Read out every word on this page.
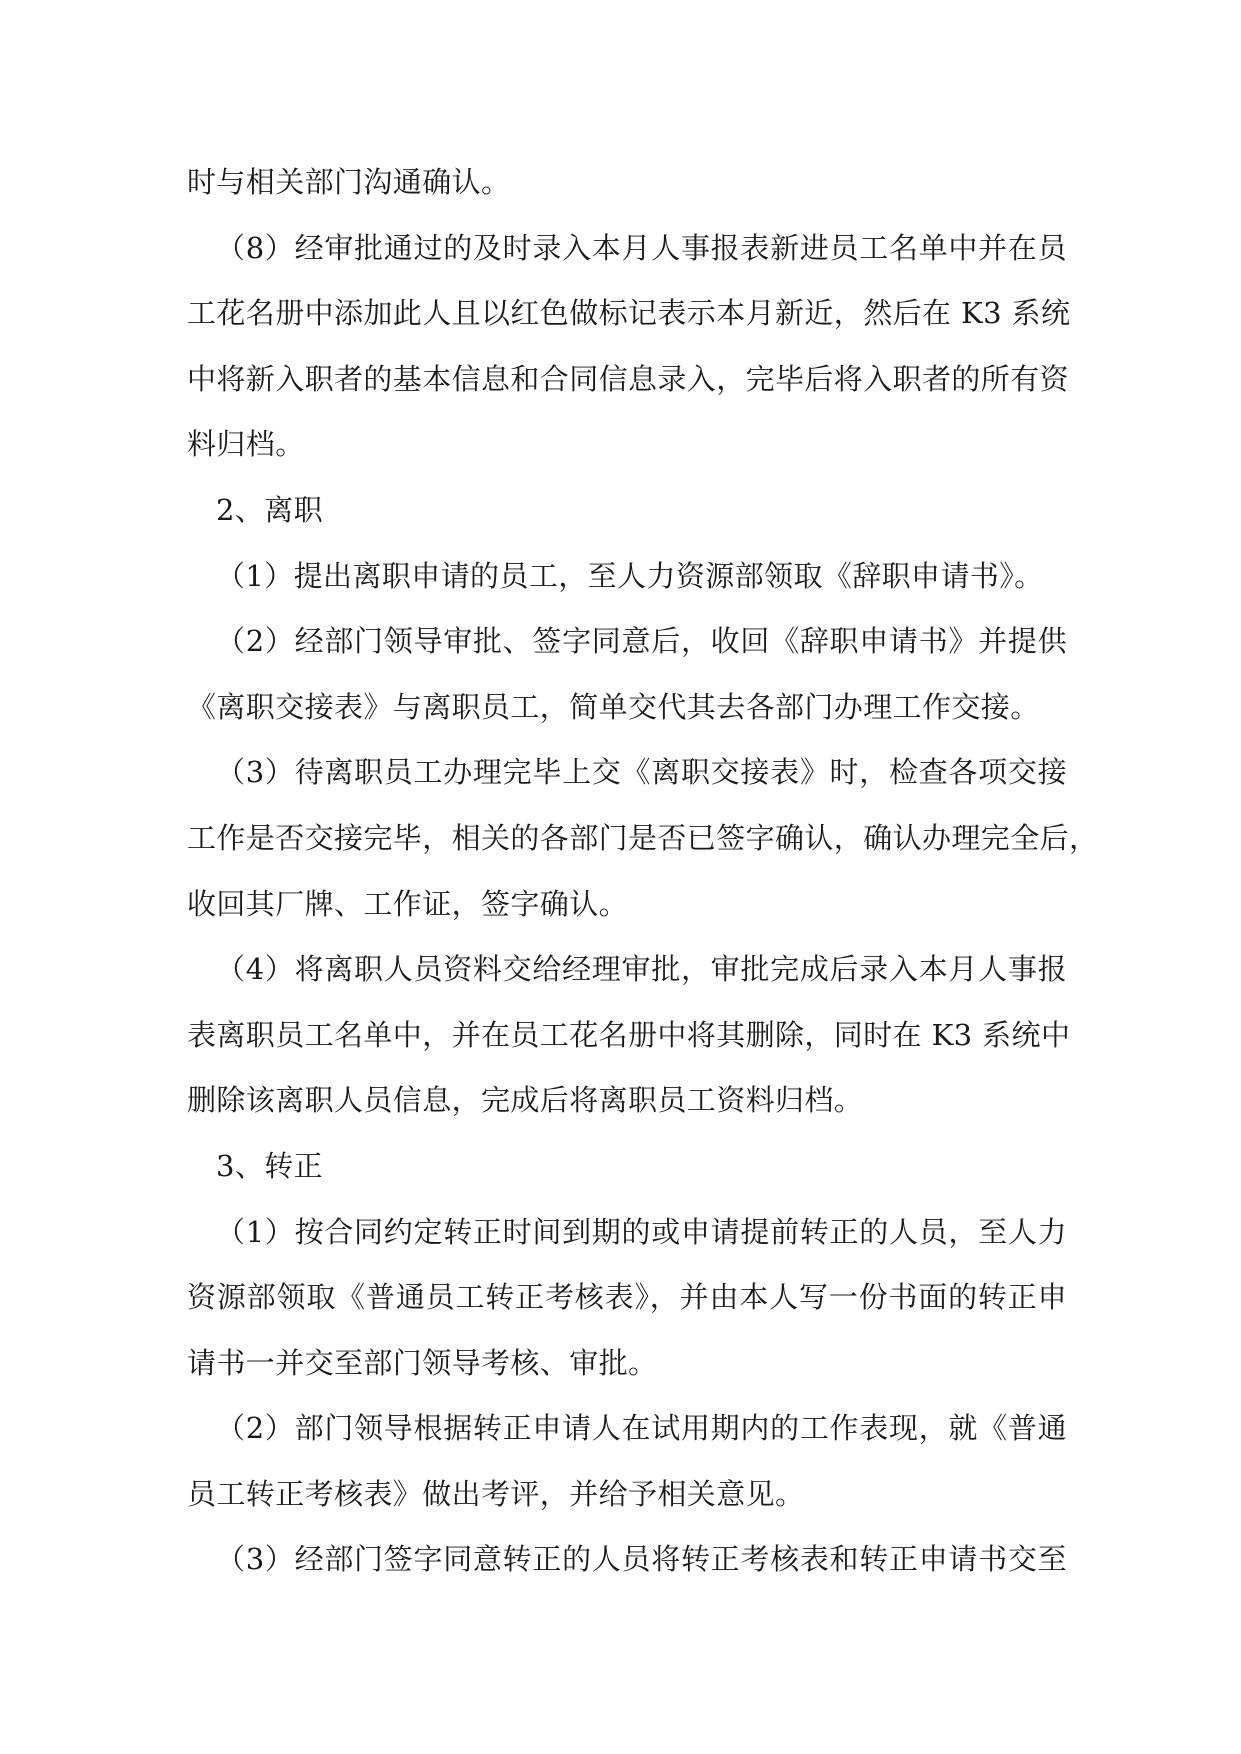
时与相关部门沟通确认。
（8）经审批通过的及时录入本月人事报表新进员工名单中并在员
工花名册中添加此人且以红色做标记表示本月新近，然后在 K3 系统
中将新入职者的基本信息和合同信息录入，完毕后将入职者的所有资
料归档。
2、离职
（1）提出离职申请的员工，至人力资源部领取《辞职申请书》。
（2）经部门领导审批、签字同意后，收回《辞职申请书》并提供
《离职交接表》与离职员工，简单交代其去各部门办理工作交接。
（3）待离职员工办理完毕上交《离职交接表》时，检查各项交接
工作是否交接完毕，相关的各部门是否已签字确认，确认办理完全后，
收回其厂牌、工作证，签字确认。
（4）将离职人员资料交给经理审批，审批完成后录入本月人事报
表离职员工名单中，并在员工花名册中将其删除，同时在 K3 系统中
删除该离职人员信息，完成后将离职员工资料归档。
3、转正
（1）按合同约定转正时间到期的或申请提前转正的人员，至人力
资源部领取《普通员工转正考核表》，并由本人写一份书面的转正申
请书一并交至部门领导考核、审批。
（2）部门领导根据转正申请人在试用期内的工作表现，就《普通
员工转正考核表》做出考评，并给予相关意见。
（3）经部门签字同意转正的人员将转正考核表和转正申请书交至
